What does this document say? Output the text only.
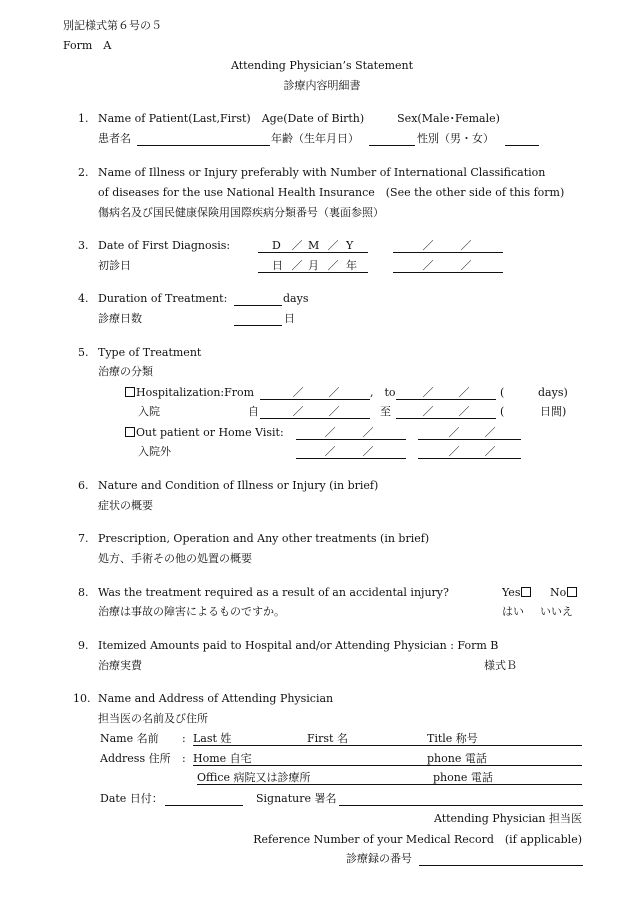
別記様式第６号の５
Form　A
Attending Physician’s Statement
診療内容明細書
1. Name of Patient(Last,First)　Age(Date of Birth)　　　Sex(Male･Female)
患者名	年齢（生年月日）	性別（男・女）
2. Name of Illness or Injury preferably with Number of International Classification
of diseases for the use National Health Insurance　(See the other side of this form)
傷病名及び国民健康保険用国際疾病分類番号（裏面参照）
3. Date of First Diagnosis:	D ／ M ／ Y	／ ／
初診日	日 ／ 月 ／ 年	／ ／
4. Duration of Treatment:	days
診療日数	日
5. Type of Treatment
治療の分類
Hospitalization:From	／ ／	,　to ／ ／	(	days)
入院	自	／ ／	至	／ ／	(	日間)
Out patient or Home Visit:	／ ／	／ ／
入院外	／ ／	／ ／
6. Nature and Condition of Illness or Injury (in brief)
症状の概要
7. Prescription, Operation and Any other treatments (in brief)
処方、手術その他の処置の概要
8. Was the treatment required as a result of an accidental injury?	Yes	No
治療は事故の障害によるものですか。	はい いいえ
9. Itemized Amounts paid to Hospital and/or Attending Physician : Form B
治療実費	様式Ｂ
10. Name and Address of Attending Physician
担当医の名前及び住所
Name 名前 : Last 姓	First 名	Title 称号
Address 住所 : Home 自宅	phone 電話
Office 病院又は診療所	phone 電話
Date 日付：	Signature 署名
Attending Physician 担当医
Reference Number of your Medical Record　(if applicable)
診療録の番号
